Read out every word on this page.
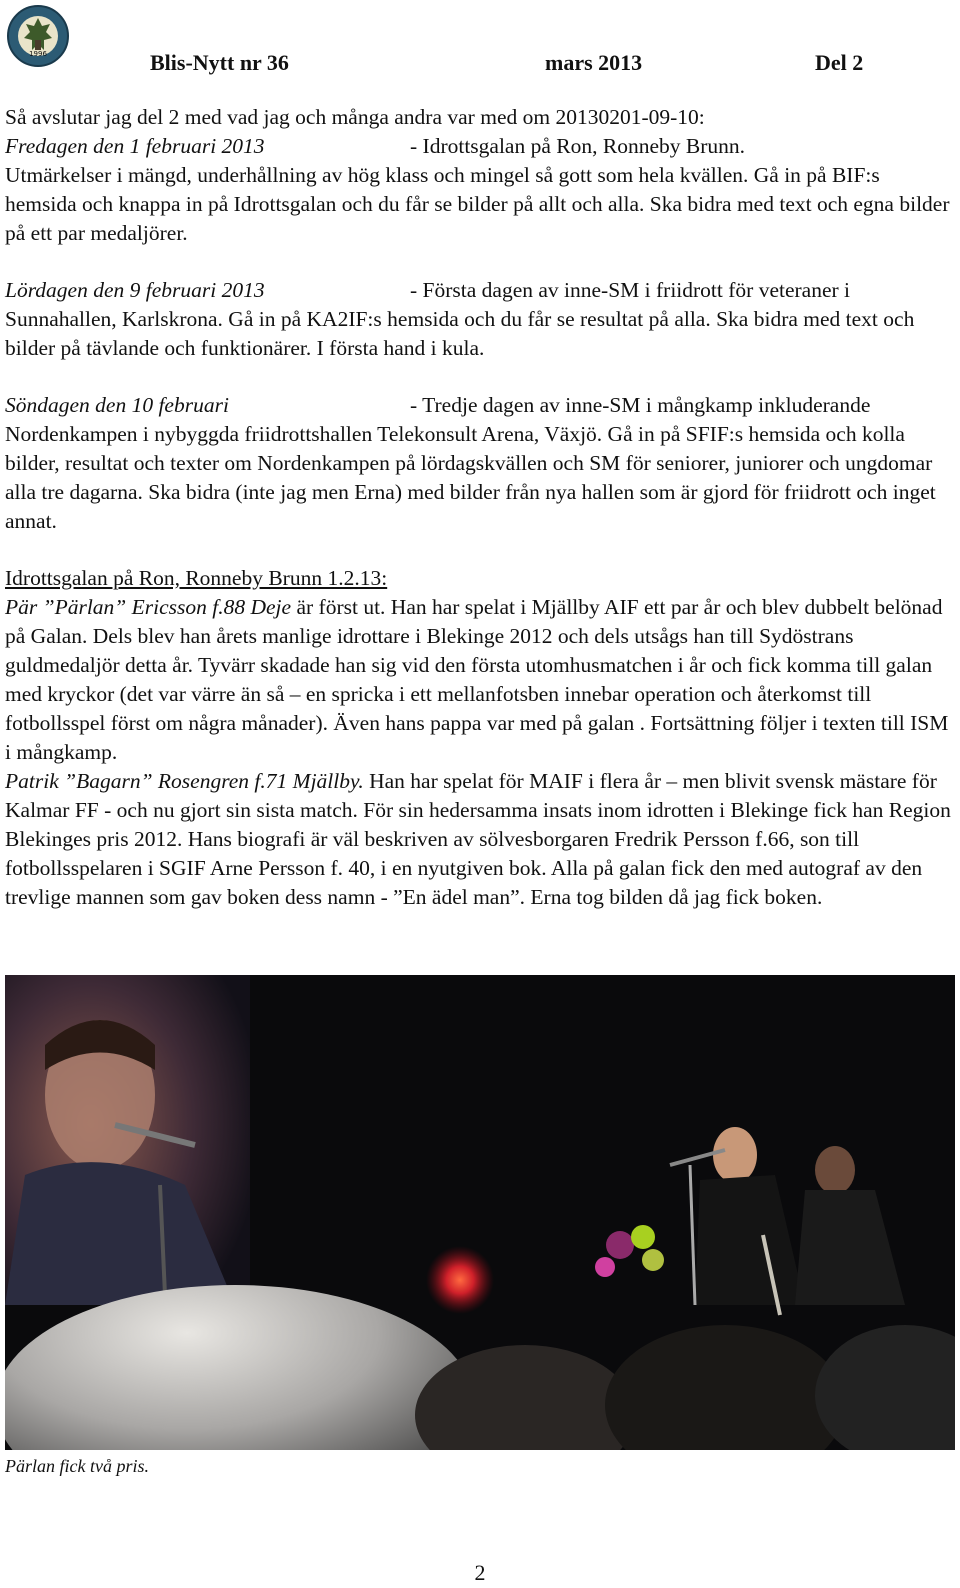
1996	Blis-Nytt nr 36	mars 2013	Del 2

Så avslutar jag del 2 med vad jag och många andra var med om 20130201-09-10:

Fredagen den 1 februari 2013	- Idrottsgalan på Ron, Ronneby Brunn.

Utmärkelser i mängd, underhållning av hög klass och mingel så gott som hela kvällen. Gå in på BIF:s hemsida och knappa in på Idrottsgalan och du får se bilder på allt och alla. Ska bidra med text och egna bilder på ett par medaljörer.

Lördagen den 9 februari 2013	- Första dagen av inne-SM i friidrott för veteraner i

Sunnahallen, Karlskrona. Gå in på KA2IF:s hemsida och du får se resultat på alla. Ska bidra med text och bilder på tävlande och funktionärer. I första hand i kula.

Söndagen den 10 februari	- Tredje dagen av inne-SM i mångkamp inkluderande

Nordenkampen i nybyggda friidrottshallen Telekonsult Arena, Växjö. Gå in på SFIF:s hemsida och kolla bilder, resultat och texter om Nordenkampen på lördagskvällen och SM för seniorer, juniorer och ungdomar alla tre dagarna. Ska bidra (inte jag men Erna) med bilder från nya hallen som är gjord för friidrott och inget annat.

Idrottsgalan på Ron, Ronneby Brunn 1.2.13:

Pär ”Pärlan” Ericsson f.88 Deje är först ut. Han har spelat i Mjällby AIF ett par år och blev dubbelt belönad på Galan. Dels blev han årets manlige idrottare i Blekinge 2012 och dels utsågs han till Sydöstrans guldmedaljör detta år. Tyvärr skadade han sig vid den första utomhusmatchen i år och fick komma till galan med kryckor (det var värre än så – en spricka i ett mellanfotsben innebar operation och återkomst till fotbollsspel först om några månader). Även hans pappa var med på galan . Fortsättning följer i texten till ISM i mångkamp.

Patrik ”Bagarn” Rosengren f.71 Mjällby. Han har spelat för MAIF i flera år – men blivit svensk mästare för Kalmar FF - och nu gjort sin sista match. För sin hedersamma insats inom idrotten i Blekinge fick han Region Blekinges pris 2012. Hans biografi är väl beskriven av sölvesborgaren Fredrik Persson f.66, son till fotbollsspelaren i SGIF Arne Persson f. 40, i en nyutgiven bok. Alla på galan fick den med autograf av den trevlige mannen som gav boken dess namn - ”En ädel man”. Erna tog bilden då jag fick boken.

Pärlan fick två pris.
2
